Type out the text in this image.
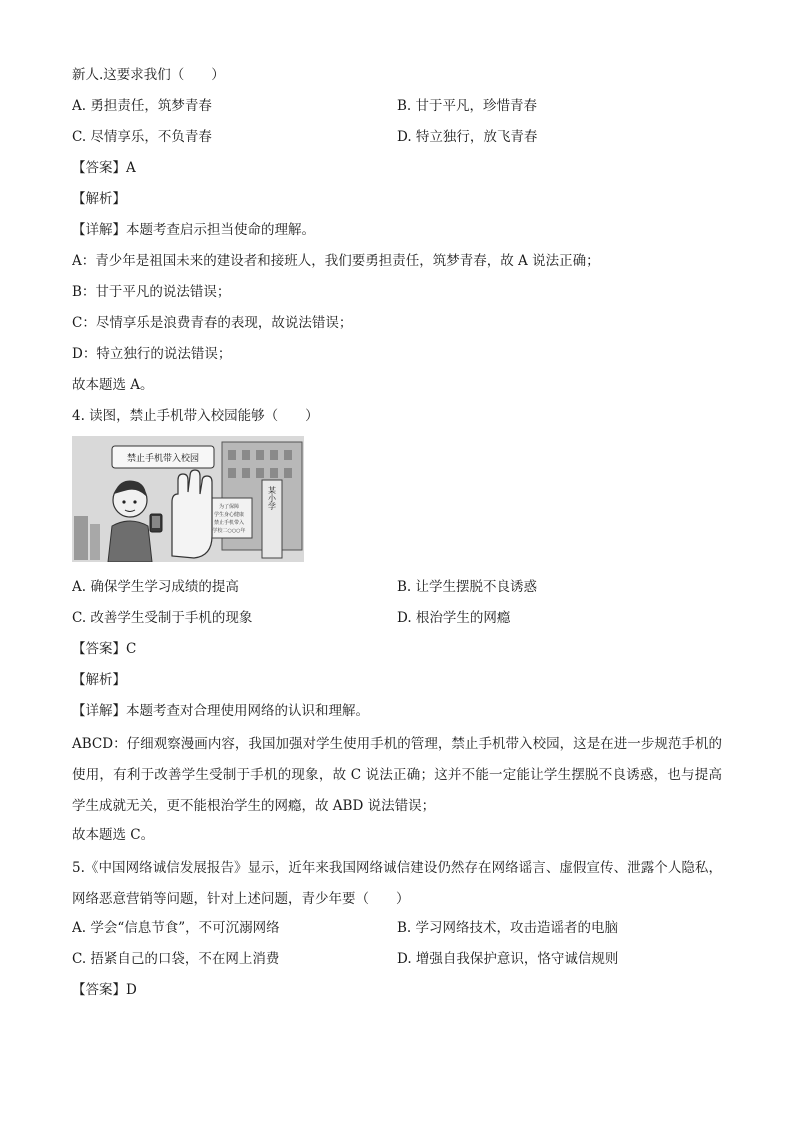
新人.这要求我们（　　）
A. 勇担责任，筑梦青春	B. 甘于平凡，珍惜青春
C. 尽情享乐，不负青春	D. 特立独行，放飞青春
【答案】A
【解析】
【详解】本题考查启示担当使命的理解。
A：青少年是祖国未来的建设者和接班人，我们要勇担责任，筑梦青春，故 A 说法正确；
B：甘于平凡的说法错误；
C：尽情享乐是浪费青春的表现，故说法错误；
D：特立独行的说法错误；
故本题选 A。
4. 读图，禁止手机带入校园能够（　　）
某小学
为了保障
学生身心健康
禁止手机带入
学校二○○○年
禁止手机带入校园
A. 确保学生学习成绩的提高	B. 让学生摆脱不良诱惑
C. 改善学生受制于手机的现象	D. 根治学生的网瘾
【答案】C
【解析】
【详解】本题考查对合理使用网络的认识和理解。
ABCD：仔细观察漫画内容，我国加强对学生使用手机的管理，禁止手机带入校园，这是在进一步规范手机的使用，有利于改善学生受制于手机的现象，故 C 说法正确；这并不能一定能让学生摆脱不良诱惑，也与提高学生成就无关，更不能根治学生的网瘾，故 ABD 说法错误；
故本题选 C。
5.《中国网络诚信发展报告》显示，近年来我国网络诚信建设仍然存在网络谣言、虚假宣传、泄露个人隐私，网络恶意营销等问题，针对上述问题，青少年要（　　）
A. 学会“信息节食”，不可沉溺网络	B. 学习网络技术，攻击造谣者的电脑
C. 捂紧自己的口袋，不在网上消费	D. 增强自我保护意识，恪守诚信规则
【答案】D
